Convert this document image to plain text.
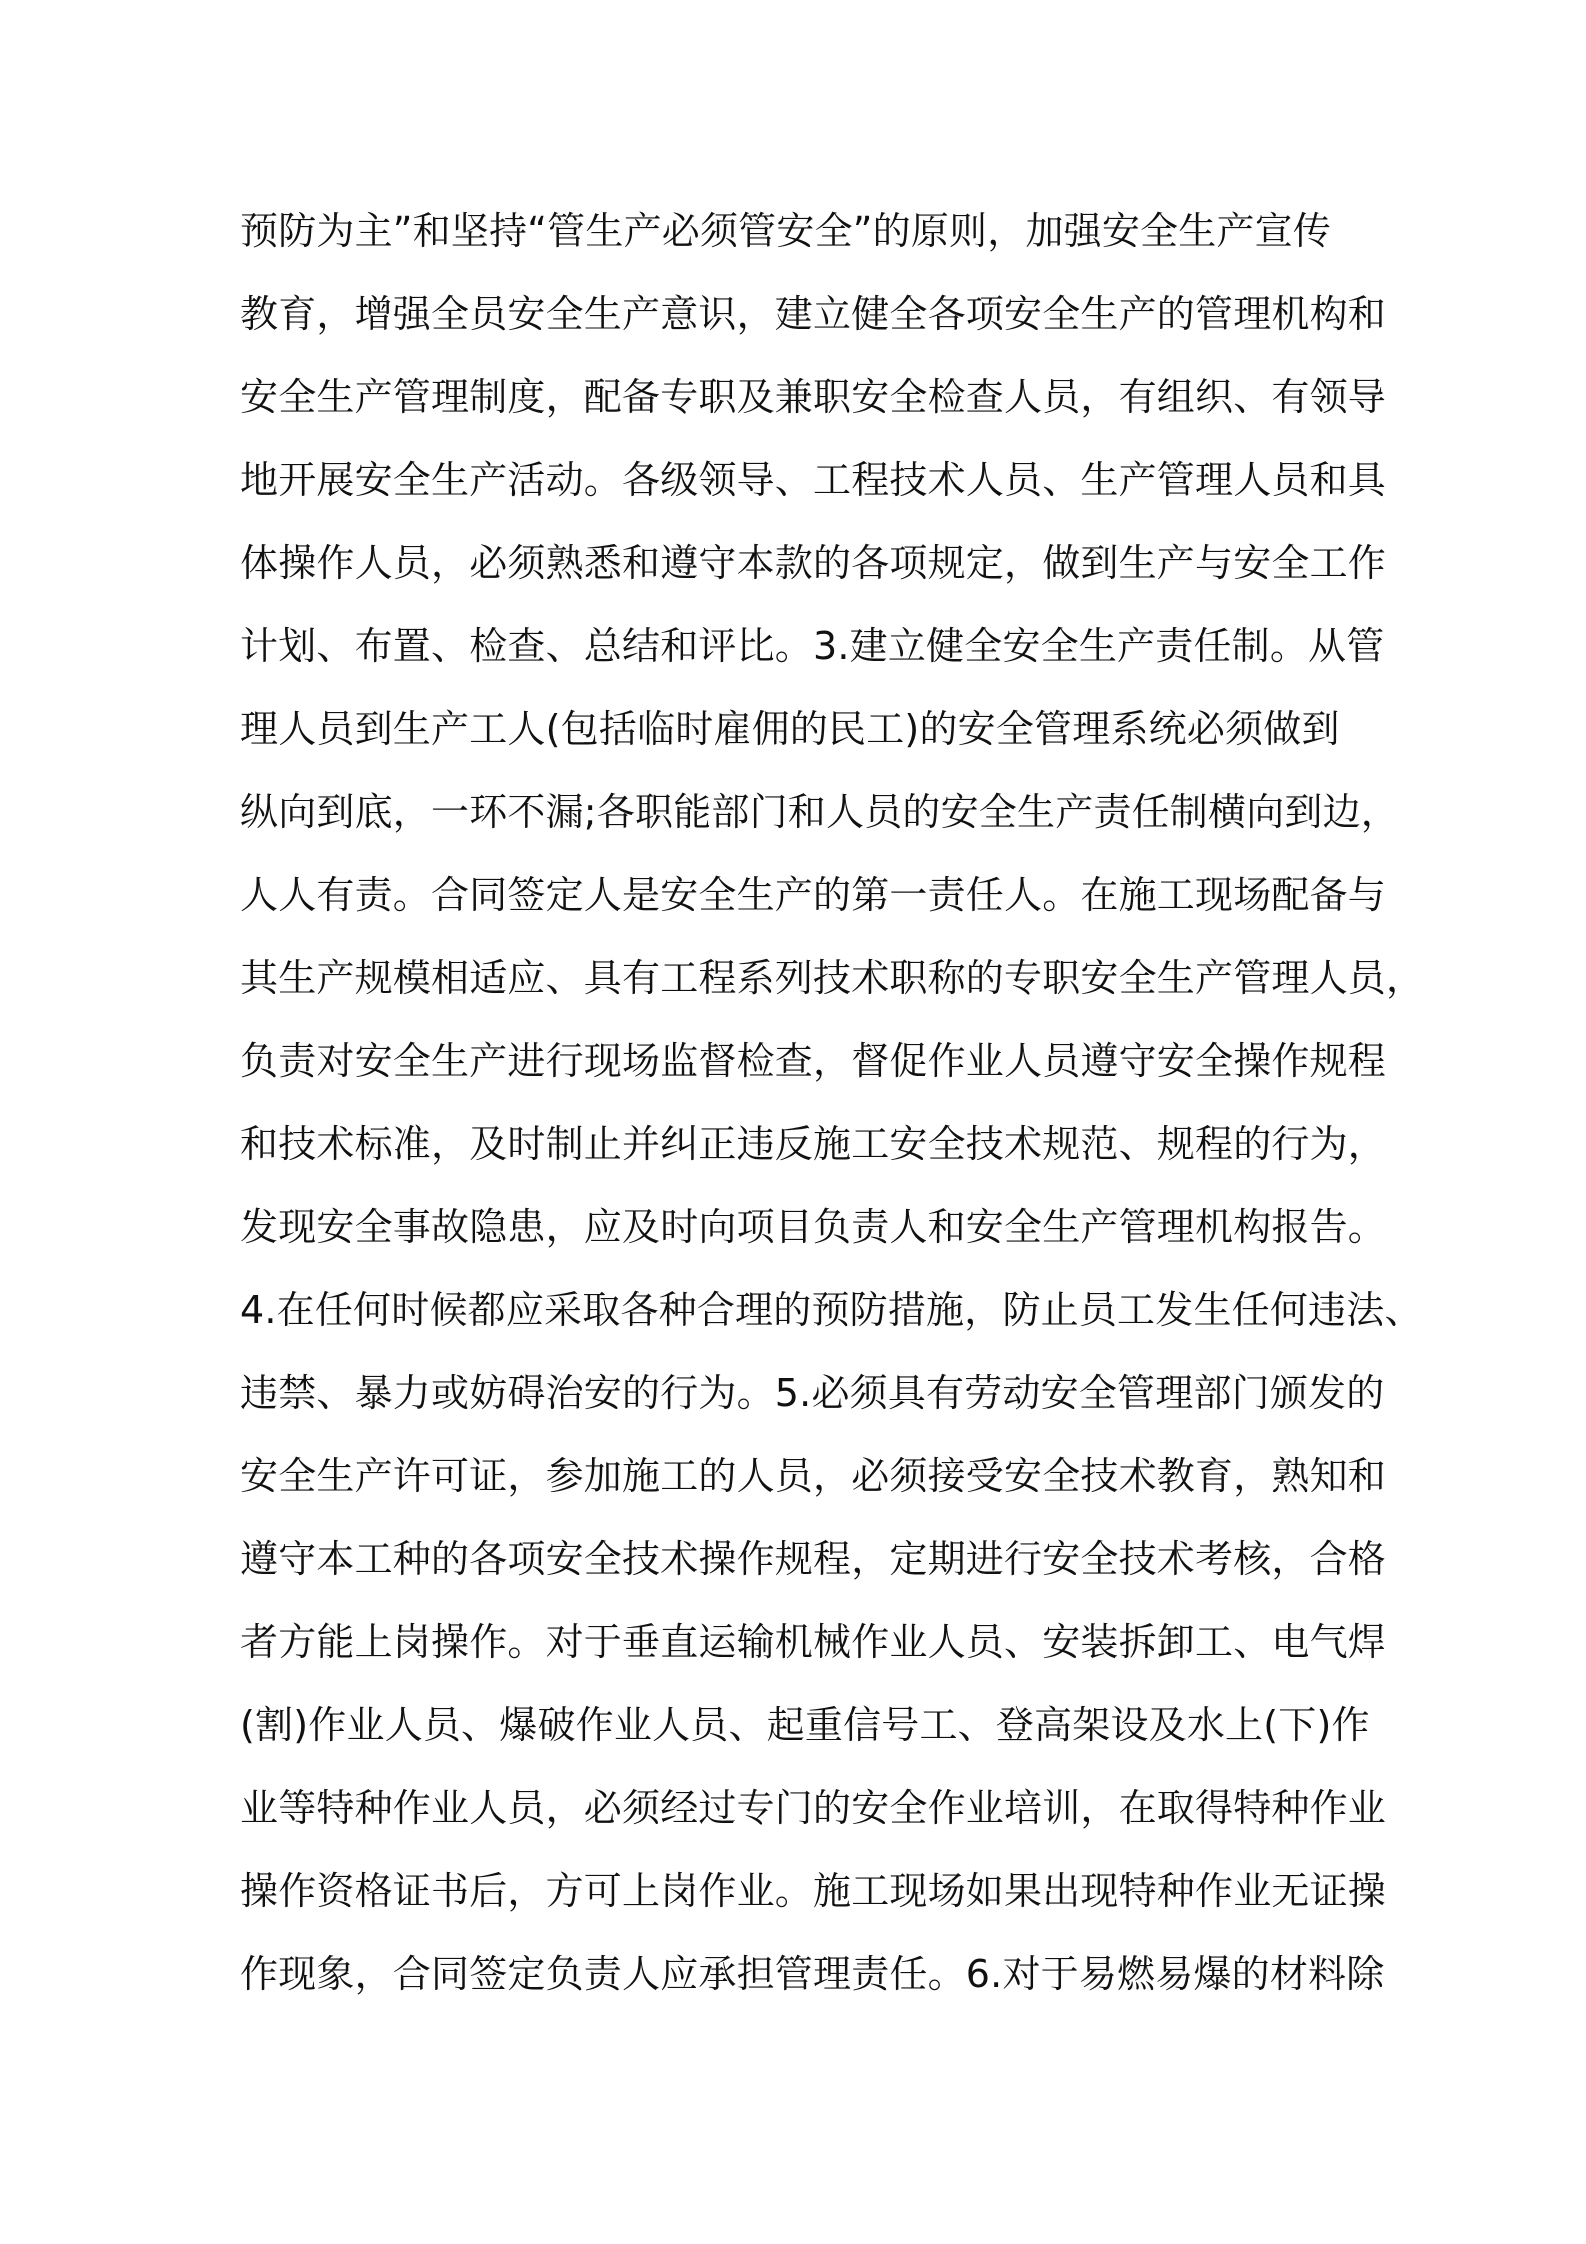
预防为主”和坚持“管生产必须管安全”的原则，加强安全生产宣传
教育，增强全员安全生产意识，建立健全各项安全生产的管理机构和
安全生产管理制度，配备专职及兼职安全检查人员，有组织、有领导
地开展安全生产活动。各级领导、工程技术人员、生产管理人员和具
体操作人员，必须熟悉和遵守本款的各项规定，做到生产与安全工作
计划、布置、检查、总结和评比。3.建立健全安全生产责任制。从管
理人员到生产工人(包括临时雇佣的民工)的安全管理系统必须做到
纵向到底，一环不漏;各职能部门和人员的安全生产责任制横向到边，
人人有责。合同签定人是安全生产的第一责任人。在施工现场配备与
其生产规模相适应、具有工程系列技术职称的专职安全生产管理人员，
负责对安全生产进行现场监督检查，督促作业人员遵守安全操作规程
和技术标准，及时制止并纠正违反施工安全技术规范、规程的行为，
发现安全事故隐患，应及时向项目负责人和安全生产管理机构报告。
4.在任何时候都应采取各种合理的预防措施，防止员工发生任何违法、
违禁、暴力或妨碍治安的行为。5.必须具有劳动安全管理部门颁发的
安全生产许可证，参加施工的人员，必须接受安全技术教育，熟知和
遵守本工种的各项安全技术操作规程，定期进行安全技术考核，合格
者方能上岗操作。对于垂直运输机械作业人员、安装拆卸工、电气焊
(割)作业人员、爆破作业人员、起重信号工、登高架设及水上(下)作
业等特种作业人员，必须经过专门的安全作业培训，在取得特种作业
操作资格证书后，方可上岗作业。施工现场如果出现特种作业无证操
作现象，合同签定负责人应承担管理责任。6.对于易燃易爆的材料除
